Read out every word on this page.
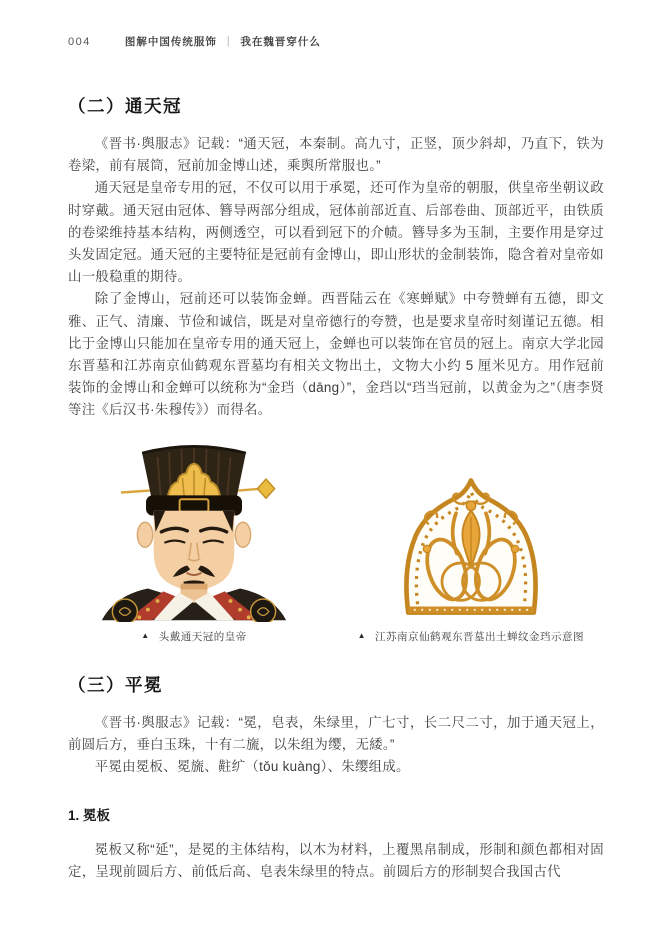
004	图解中国传统服饰 ｜ 我在魏晋穿什么
（二）通天冠

《晋书·舆服志》记载：“通天冠，本秦制。高九寸，正竖，顶少斜却，乃直下，铁为卷梁，前有展筒，冠前加金博山述，乘舆所常服也。”

通天冠是皇帝专用的冠，不仅可以用于承冕，还可作为皇帝的朝服，供皇帝坐朝议政时穿戴。通天冠由冠体、簪导两部分组成，冠体前部近直、后部卷曲、顶部近平，由铁质的卷梁维持基本结构，两侧透空，可以看到冠下的介帻。簪导多为玉制，主要作用是穿过头发固定冠。通天冠的主要特征是冠前有金博山，即山形状的金制装饰，隐含着对皇帝如山一般稳重的期待。

除了金博山，冠前还可以装饰金蝉。西晋陆云在《寒蝉赋》中夸赞蝉有五德，即文雅、正气、清廉、节俭和诚信，既是对皇帝德行的夸赞，也是要求皇帝时刻谨记五德。相比于金博山只能加在皇帝专用的通天冠上，金蝉也可以装饰在官员的冠上。南京大学北园东晋墓和江苏南京仙鹤观东晋墓均有相关文物出土，文物大小约 5 厘米见方。用作冠前装饰的金博山和金蝉可以统称为“金珰（dāng）”，金珰以“珰当冠前，以黄金为之”（唐李贤等注《后汉书·朱穆传》）而得名。

▲ 头戴通天冠的皇帝	▲ 江苏南京仙鹤观东晋墓出土蝉纹金珰示意图
（三）平冕

《晋书·舆服志》记载：“冕，皂表，朱绿里，广七寸，长二尺二寸，加于通天冠上，前圆后方，垂白玉珠，十有二旒，以朱组为缨，无緌。”

平冕由冕板、冕旒、黈纩（tǒu kuàng）、朱缨组成。

1. 冕板

冕板又称“延”，是冕的主体结构，以木为材料，上覆黑帛制成，形制和颜色都相对固定，呈现前圆后方、前低后高、皂表朱绿里的特点。前圆后方的形制契合我国古代
